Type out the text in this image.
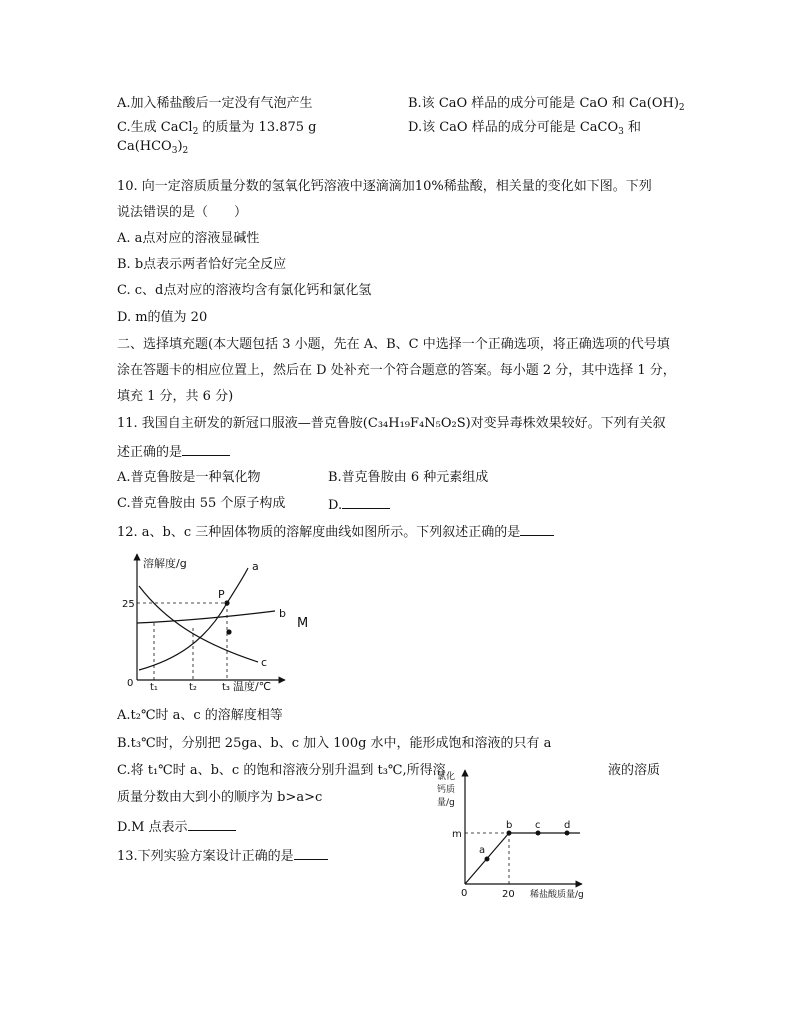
A.加入稀盐酸后一定没有气泡产生	B.该 CaO 样品的成分可能是 CaO 和 $Ca(OH)_2$
C.生成 CaCl$_2$ 的质量为 13.875 g	D.该 CaO 样品的成分可能是 CaCO$_3$ 和
$Ca(HCO_3)_2$
10. 向一定溶质质量分数的氢氧化钙溶液中逐滴滴加10%稀盐酸，相关量的变化如下图。下列
说法错误的是（　　）
A. a点对应的溶液显碱性
B. b点表示两者恰好完全反应
C. c、d点对应的溶液均含有氯化钙和氯化氢
D. m的值为 20
二、选择填充题(本大题包括 3 小题，先在 A、B、C 中选择一个正确选项，将正确选项的代号填
涂在答题卡的相应位置上，然后在 D 处补充一个符合题意的答案。每小题 2 分，其中选择 1 分，
填充 1 分，共 6 分)
11. 我国自主研发的新冠口服液—普克鲁胺(C₃₄H₁₉F₄N₅O₂S)对变异毒株效果较好。下列有关叙
述正确的是
A.普克鲁胺是一种氧化物	B.普克鲁胺由 6 种元素组成
C.普克鲁胺由 55 个原子构成	D.
12. a、b、c 三种固体物质的溶解度曲线如图所示。下列叙述正确的是
溶解度/g
温度/℃
0
25
t₁	t₂	t₃
P
a
b
c
M
A.t₂℃时 a、c 的溶解度相等
B.t₃℃时，分别把 25ga、b、c 加入 100g 水中，能形成饱和溶液的只有 a
C.将 t₁℃时 a、b、c 的饱和溶液分别升温到 t₃℃,所得溶	液的溶质
质量分数由大到小的顺序为 b>a>c
D.M 点表示
13.下列实验方案设计正确的是
氯化
钙质
量/g
m
0	20 稀盐酸质量/g
a
b c d
